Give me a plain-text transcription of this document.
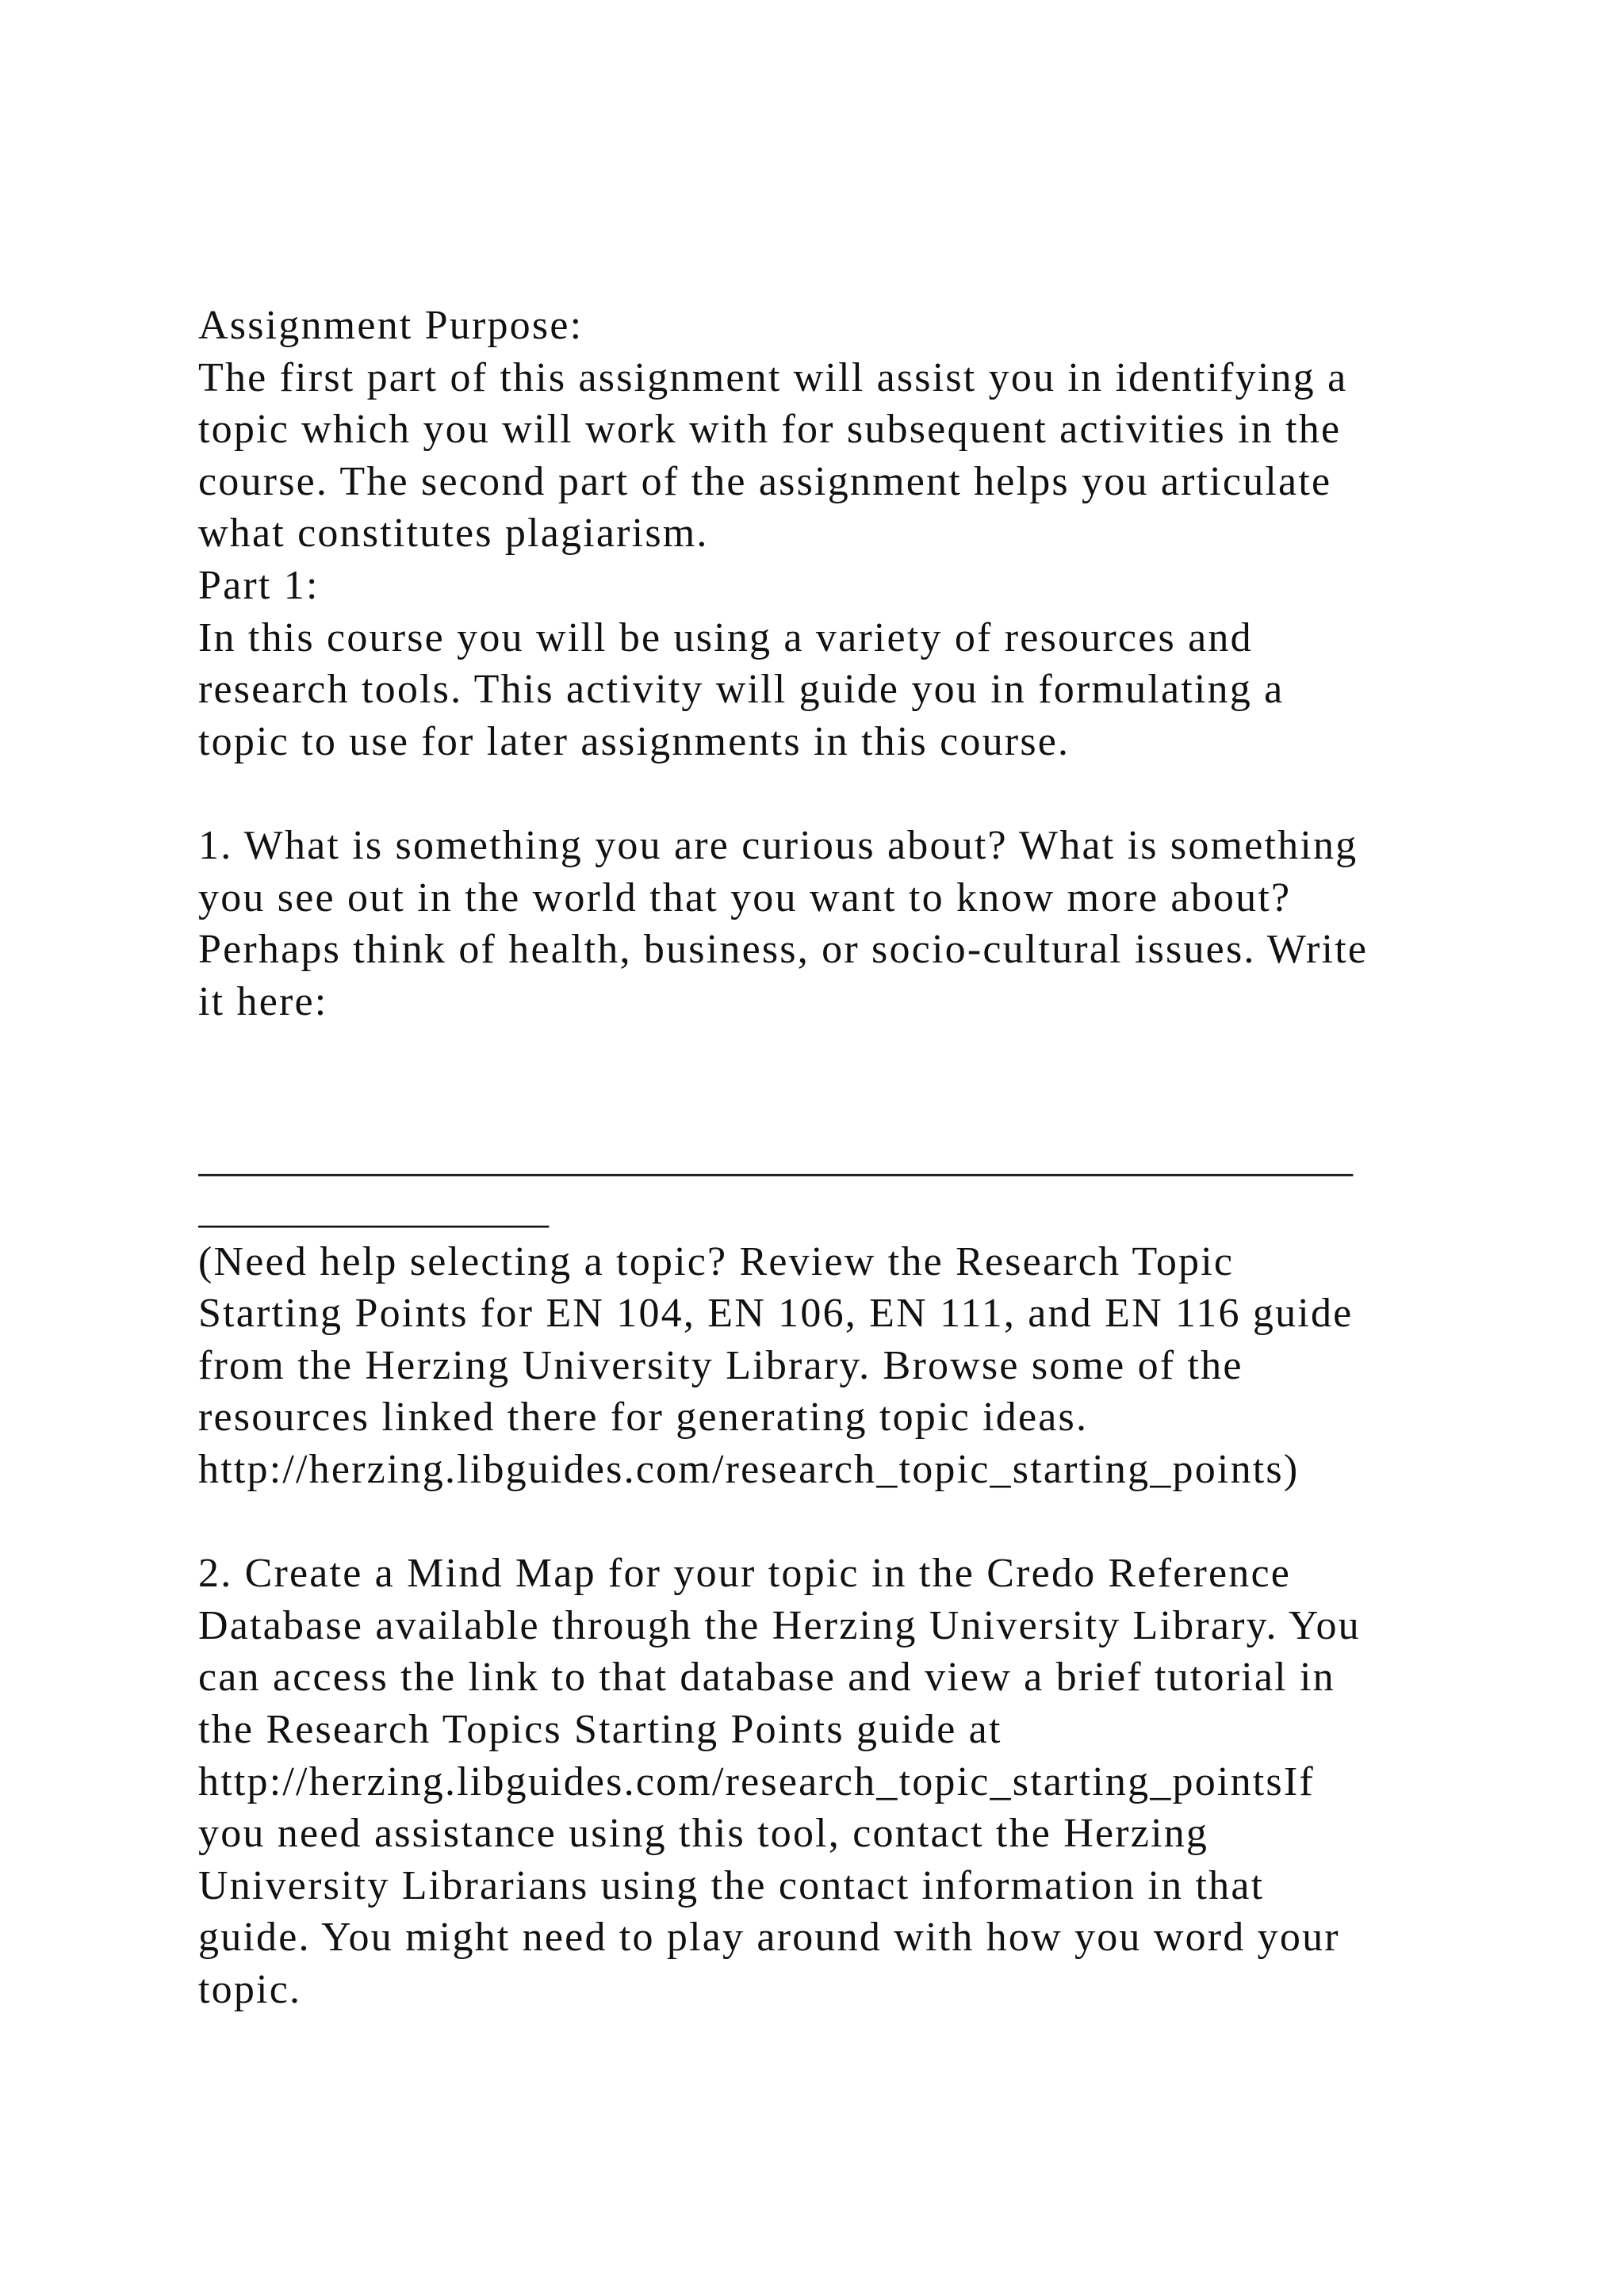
Assignment Purpose:
The first part of this assignment will assist you in identifying a
topic which you will work with for subsequent activities in the
course. The second part of the assignment helps you articulate
what constitutes plagiarism.
Part 1:
In this course you will be using a variety of resources and
research tools. This activity will guide you in formulating a
topic to use for later assignments in this course.
1. What is something you are curious about? What is something
you see out in the world that you want to know more about?
Perhaps think of health, business, or socio-cultural issues. Write
it here:
________________________________________________________
_________________
(Need help selecting a topic? Review the Research Topic
Starting Points for EN 104, EN 106, EN 111, and EN 116 guide
from the Herzing University Library. Browse some of the
resources linked there for generating topic ideas.
http://herzing.libguides.com/research_topic_starting_points)
2. Create a Mind Map for your topic in the Credo Reference
Database available through the Herzing University Library. You
can access the link to that database and view a brief tutorial in
the Research Topics Starting Points guide at
http://herzing.libguides.com/research_topic_starting_pointsIf
you need assistance using this tool, contact the Herzing
University Librarians using the contact information in that
guide. You might need to play around with how you word your
topic.
